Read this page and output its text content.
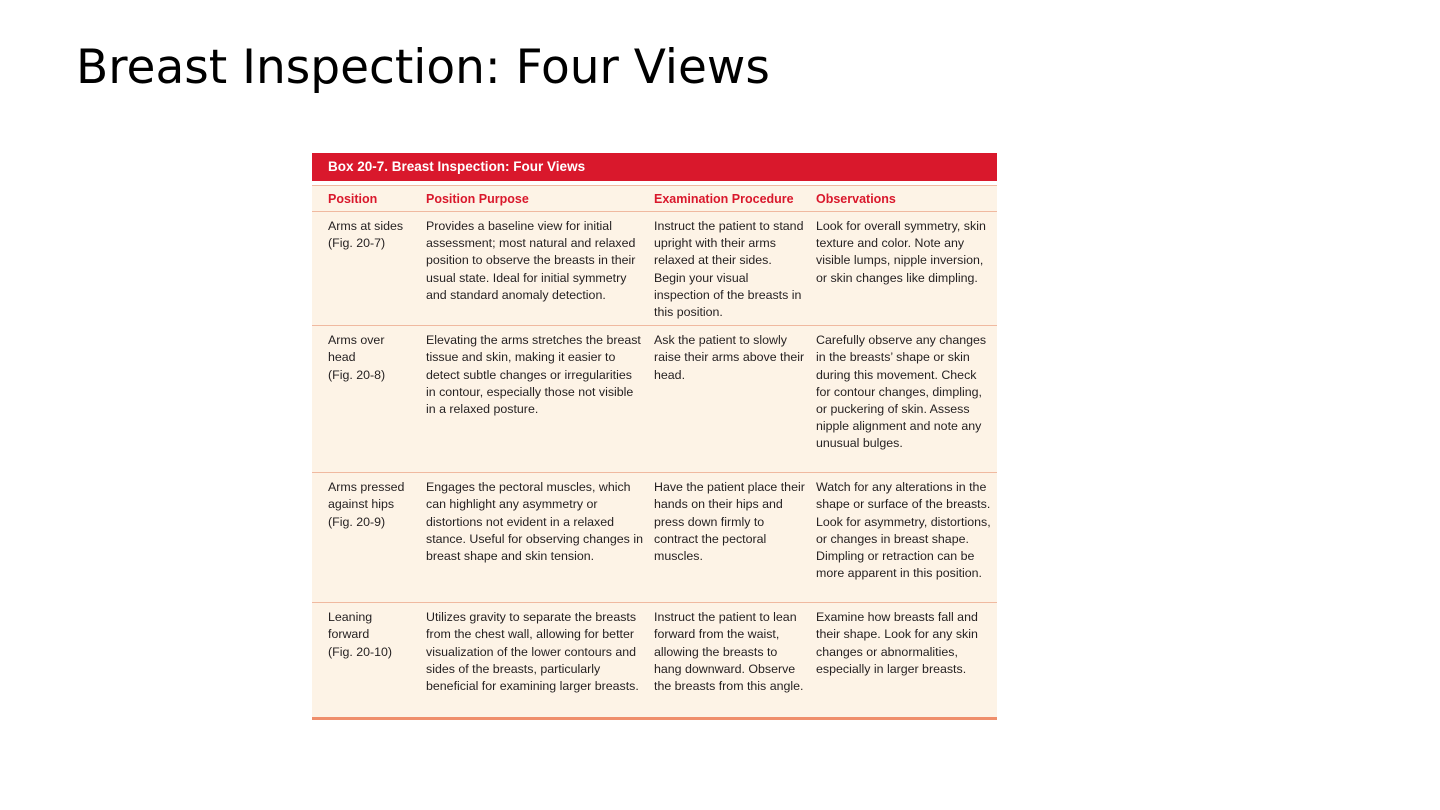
Breast Inspection: Four Views
Box 20-7. Breast Inspection: Four Views
Position	Position Purpose	Examination Procedure	Observations

Arms at sides
(Fig. 20-7)	Provides a baseline view for initial assessment; most natural and relaxed position to observe the breasts in their usual state. Ideal for initial symmetry and standard anomaly detection.	Instruct the patient to stand upright with their arms relaxed at their sides. Begin your visual inspection of the breasts in this position.	Look for overall symmetry, skin texture and color. Note any visible lumps, nipple inversion, or skin changes like dimpling.

Arms over head
(Fig. 20-8)	Elevating the arms stretches the breast tissue and skin, making it easier to detect subtle changes or irregularities in contour, especially those not visible in a relaxed posture.	Ask the patient to slowly raise their arms above their head.	Carefully observe any changes in the breasts’ shape or skin during this movement. Check for contour changes, dimpling, or puckering of skin. Assess nipple alignment and note any unusual bulges.

Arms pressed against hips
(Fig. 20-9)	Engages the pectoral muscles, which can highlight any asymmetry or distortions not evident in a relaxed stance. Useful for observing changes in breast shape and skin tension.	Have the patient place their hands on their hips and press down firmly to contract the pectoral muscles.	Watch for any alterations in the shape or surface of the breasts. Look for asymmetry, distortions, or changes in breast shape. Dimpling or retraction can be more apparent in this position.

Leaning forward
(Fig. 20-10)	Utilizes gravity to separate the breasts from the chest wall, allowing for better visualization of the lower contours and sides of the breasts, particularly beneficial for examining larger breasts.	Instruct the patient to lean forward from the waist, allowing the breasts to hang downward. Observe the breasts from this angle.	Examine how breasts fall and their shape. Look for any skin changes or abnormalities, especially in larger breasts.
